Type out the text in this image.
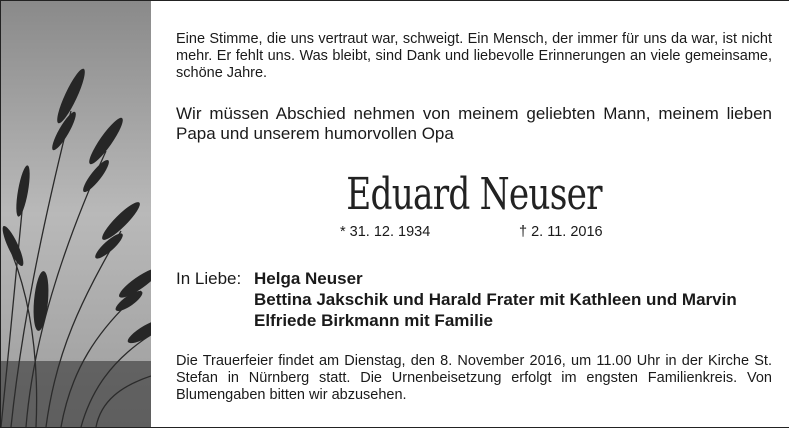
Eine Stimme, die uns vertraut war, schweigt. Ein Mensch, der immer für uns da war, ist nicht mehr. Er fehlt uns. Was bleibt, sind Dank und liebevolle Erinnerungen an viele gemeinsame, schöne Jahre.

Wir müssen Abschied nehmen von meinem geliebten Mann, meinem lieben Papa und unserem humorvollen Opa

Eduard Neuser
* 31. 12. 1934	† 2. 11. 2016
In Liebe: Helga Neuser
Bettina Jakschik und Harald Frater mit Kathleen und Marvin
Elfriede Birkmann mit Familie

Die Trauerfeier findet am Dienstag, den 8. November 2016, um 11.00 Uhr in der Kirche St. Stefan in Nürnberg statt. Die Urnenbeisetzung erfolgt im engsten Familienkreis. Von Blumengaben bitten wir abzusehen.
